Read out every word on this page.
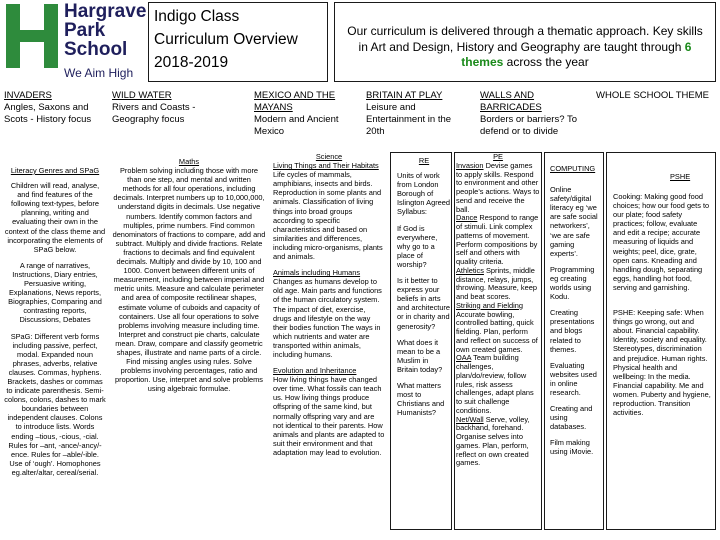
Hargrave
Park
School
We Aim High
Indigo Class
Curriculum Overview
2018-2019
Our curriculum is delivered through a thematic approach. Key skills in Art and Design, History and Geography are taught through 6 themes across the year
INVADERS
Angles, Saxons and
Scots - History focus
WILD WATER
Rivers and Coasts -
Geography focus
MEXICO AND THE
MAYANS
Modern and Ancient
Mexico
BRITAIN AT PLAY
Leisure and
Entertainment in the
20th
WALLS AND
BARRICADES
Borders or barriers? To
defend or to divide
WHOLE SCHOOL THEME
Literacy Genres and SPaG
Children will read, analyse, and find features of the following text-types, before planning, writing and evaluating their own in the context of the class theme and incorporating the elements of SPaG below.
A range of narratives, Instructions, Diary entries, Persuasive writing, Explanations, News reports, Biographies, Comparing and contrasting reports, Discussions, Debates
SPaG: Different verb forms including passive, perfect, modal. Expanded noun phrases, adverbs, relative clauses. Commas, hyphens. Brackets, dashes or commas to indicate parenthesis. Semi-colons, colons, dashes to mark boundaries between independent clauses. Colons to introduce lists. Words ending –tious, -cious, -cial. Rules for –ant, -ance/-ancy/-ence. Rules for –able/-ible. Use of ‘ough’. Homophones eg.alter/altar, cereal/serial.
Maths
Problem solving including those with more than one step, and mental and written methods for all four operations, including decimals. Interpret numbers up to 10,000,000, understand digits in decimals. Use negative numbers. Identify common factors and multiples, prime numbers. Find common denominators of fractions to compare, add and subtract. Multiply and divide fractions. Relate fractions to decimals and find equivalent decimals. Multiply and divide by 10, 100 and 1000. Convert between different units of measurement, including between imperial and metric units. Measure and calculate perimeter and area of composite rectilinear shapes, estimate volume of cuboids and capacity of containers. Use all four operations to solve problems involving measure including time. Interpret and construct pie charts, calculate mean. Draw, compare and classify geometric shapes, illustrate and name parts of a circle. Find missing angles using rules. Solve problems involving percentages, ratio and proportion. Use, interpret and solve problems using algebraic formulae.
Science
Living Things and Their Habitats
Life cycles of mammals, amphibians, insects and birds. Reproduction in some plants and animals. Classification of living things into broad groups according to specific characteristics and based on similarities and differences, including micro-organisms, plants and animals.
Animals including Humans
Changes as humans develop to old age. Main parts and functions of the human circulatory system. The impact of diet, exercise, drugs and lifestyle on the way their bodies function The ways in which nutrients and water are transported within animals, including humans.
Evolution and Inheritance
How living things have changed over time. What fossils can teach us. How living things produce offspring of the same kind, but normally offspring vary and are not identical to their parents. How animals and plants are adapted to suit their environment and that adaptation may lead to evolution.
RE
Units of work from London Borough of Islington Agreed Syllabus:
If God is everywhere, why go to a place of worship?
Is it better to express your beliefs in arts and architecture or in charity and generosity?
What does it mean to be a Muslim in Britain today?
What matters most to Christians and Humanists?
PE
Invasion Devise games to apply skills. Respond to environment and other people’s actions. Ways to send and receive the ball.
Dance Respond to range of stimuli. Link complex patterns of movement. Perform compositions by self and others with quality criteria.
Athletics Sprints, middle distance, relays, jumps, throwing. Measure, keep and beat scores.
Striking and Fielding Accurate bowling, controlled batting, quick fielding. Plan, perform and reflect on success of own created games.
OAA Team building challenges, plan/do/review, follow rules, risk assess challenges, adapt plans to suit challenge conditions.
Net/Wall Serve, volley, backhand, forehand. Organise selves into games. Plan, perform, reflect on own created games.
COMPUTING
Online safety/digital literacy eg ‘we are safe social networkers’, ‘we are safe gaming experts’.
Programming eg creating worlds using Kodu.
Creating presentations and blogs related to themes.
Evaluating websites used in online research.
Creating and using databases.
Film making using iMovie.
PSHE
Cooking: Making good food choices; how our food gets to our plate; food safety practices; follow, evaluate and edit a recipe; accurate measuring of liquids and weights; peel, dice, grate, open cans. Kneading and handling dough, separating eggs, handling hot food, serving and garnishing.
PSHE: Keeping safe: When things go wrong, out and about. Financial capability. Identity, society and equality. Stereotypes, discrimination and prejudice. Human rights. Physical health and wellbeing: In the media. Financial capability. Me and women. Puberty and hygiene, reproduction. Transition activities.
